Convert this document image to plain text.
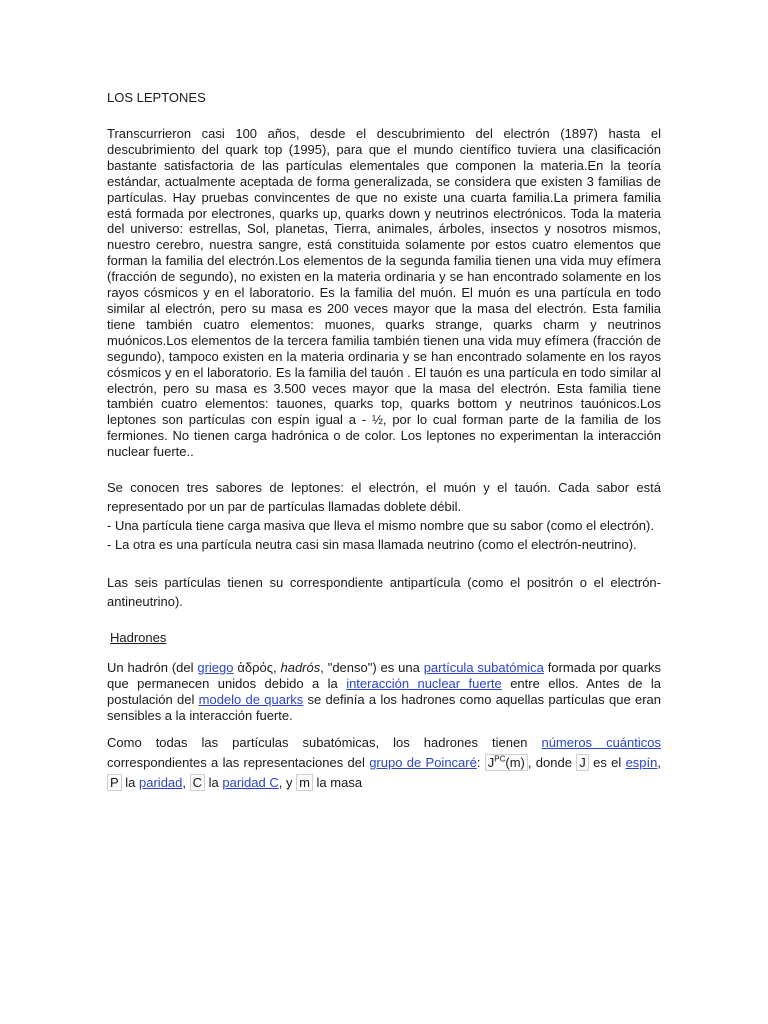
LOS LEPTONES

Transcurrieron casi 100 años, desde el descubrimiento del electrón (1897) hasta el descubrimiento del quark top (1995), para que el mundo científico tuviera una clasificación bastante satisfactoria de las partículas elementales que componen la materia.En la teoría estándar, actualmente aceptada de forma generalizada, se considera que existen 3 familias de partículas. Hay pruebas convincentes de que no existe una cuarta familia.La primera familia está formada por electrones, quarks up, quarks down y neutrinos electrónicos. Toda la materia del universo: estrellas, Sol, planetas, Tierra, animales, árboles, insectos y nosotros mismos, nuestro cerebro, nuestra sangre, está constituida solamente por estos cuatro elementos que forman la familia del electrón.Los elementos de la segunda familia tienen una vida muy efímera (fracción de segundo), no existen en la materia ordinaria y se han encontrado solamente en los rayos cósmicos y en el laboratorio. Es la familia del muón. El muón es una partícula en todo similar al electrón, pero su masa es 200 veces mayor que la masa del electrón. Esta familia tiene también cuatro elementos: muones, quarks strange, quarks charm y neutrinos muónicos.Los elementos de la tercera familia también tienen una vida muy efímera (fracción de segundo), tampoco existen en la materia ordinaria y se han encontrado solamente en los rayos cósmicos y en el laboratorio. Es la familia del tauón . El tauón es una partícula en todo similar al electrón, pero su masa es 3.500 veces mayor que la masa del electrón. Esta familia tiene también cuatro elementos: tauones, quarks top, quarks bottom y neutrinos tauónicos.Los leptones son partículas con espín igual a - ½, por lo cual forman parte de la familia de los fermiones. No tienen carga hadrónica o de color. Los leptones no experimentan la interacción nuclear fuerte..

Se conocen tres sabores de leptones: el electrón, el muón y el tauón. Cada sabor está representado por un par de partículas llamadas doblete débil.

- Una partícula tiene carga masiva que lleva el mismo nombre que su sabor (como el electrón).

- La otra es una partícula neutra casi sin masa llamada neutrino (como el electrón-neutrino).

Las seis partículas tienen su correspondiente antipartícula (como el positrón o el electrón-antineutrino).
Hadrones
Un hadrón (del griego ἁδρός, hadrós, "denso") es una partícula subatómica formada por quarks que permanecen unidos debido a la interacción nuclear fuerte entre ellos. Antes de la postulación del modelo de quarks se definía a los hadrones como aquellas partículas que eran sensibles a la interacción fuerte.
Como todas las partículas subatómicas, los hadrones tienen números cuánticos correspondientes a las representaciones del grupo de Poincaré: $J^{PC}(m)$ , donde J es el espín,P la paridad, C la paridad C, y m la masa
